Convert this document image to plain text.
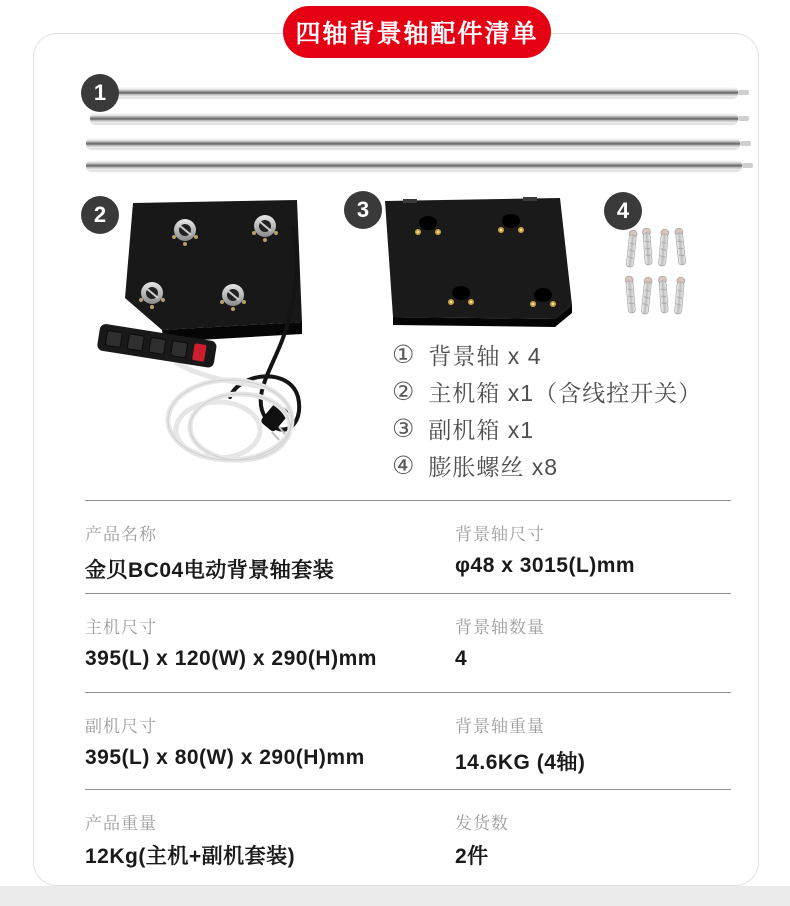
四轴背景轴配件清单
1
2	3	4
① 背景轴 x 4
② 主机箱 x1（含线控开关）
③ 副机箱 x1
④ 膨胀螺丝 x8
产品名称
金贝BC04电动背景轴套装
背景轴尺寸
φ48 x 3015(L)mm
主机尺寸
395(L) x 120(W) x 290(H)mm
背景轴数量
4
副机尺寸
395(L) x 80(W) x 290(H)mm
背景轴重量
14.6KG (4轴)
产品重量
12Kg(主机+副机套装)
发货数
2件
